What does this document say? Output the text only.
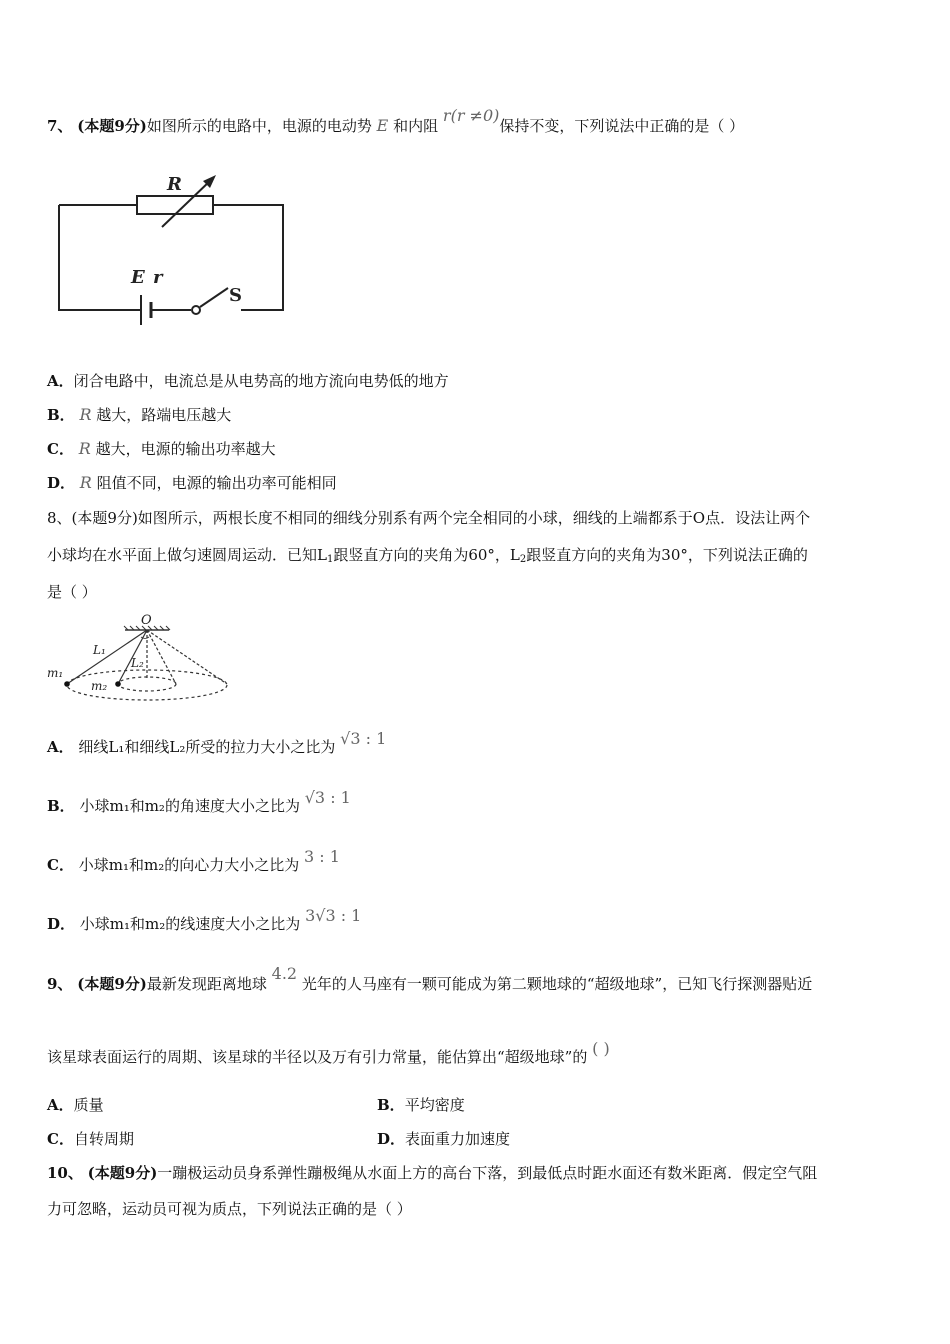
7、 (本题9分)如图所示的电路中，电源的电动势 E 和内阻 r(r ≠0)保持不变，下列说法中正确的是（ ）
R
E r
S
A．闭合电路中，电流总是从电势高的地方流向电势低的地方
B． R 越大，路端电压越大
C． R 越大，电源的输出功率越大
D． R 阻值不同，电源的输出功率可能相同
8、(本题9分)如图所示，两根长度不相同的细线分别系有两个完全相同的小球，细线的上端都系于O点．设法让两个
小球均在水平面上做匀速圆周运动．已知$L_1$跟竖直方向的夹角为60°，$L_2$跟竖直方向的夹角为30°，下列说法正确的
是（ ）
O
L₁
L₂
m₁
m₂
A． 细线L₁和细线L₂所受的拉力大小之比为 √3 : 1
B． 小球m₁和m₂的角速度大小之比为 √3 : 1
C． 小球m₁和m₂的向心力大小之比为 3 : 1
D． 小球m₁和m₂的线速度大小之比为 3√3 : 1
9、 (本题9分)最新发现距离地球 4.2 光年的人马座有一颗可能成为第二颗地球的“超级地球”，已知飞行探测器贴近
该星球表面运行的周期、该星球的半径以及万有引力常量，能估算出“超级地球”的 ( )
A．质量	B．平均密度
C．自转周期	D．表面重力加速度
10、 (本题9分)一蹦极运动员身系弹性蹦极绳从水面上方的高台下落，到最低点时距水面还有数米距离．假定空气阻
力可忽略，运动员可视为质点，下列说法正确的是（ ）
